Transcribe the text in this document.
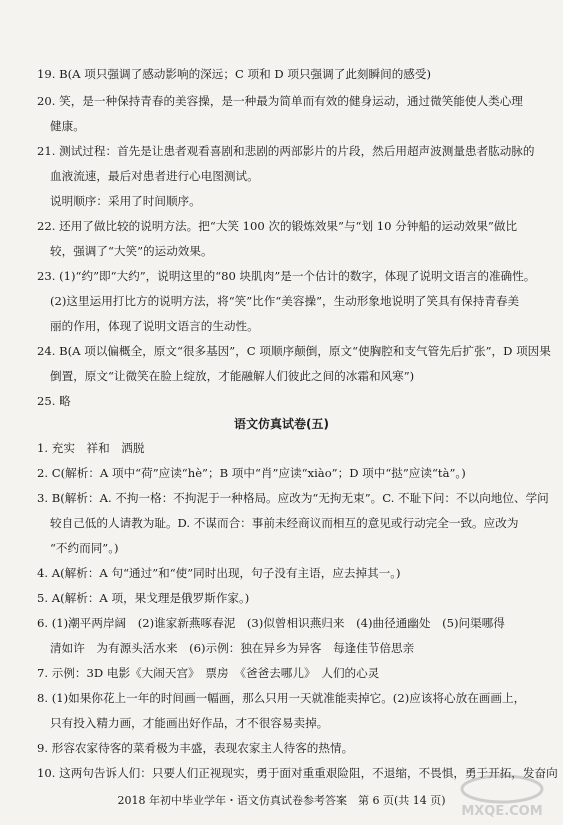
19. B(A 项只强调了感动影响的深远；C 项和 D 项只强调了此刻瞬间的感受)
20. 笑，是一种保持青春的美容操，是一种最为简单而有效的健身运动，通过微笑能使人类心理
健康。
21. 测试过程：首先是让患者观看喜剧和悲剧的两部影片的片段，然后用超声波测量患者肱动脉的
血液流速，最后对患者进行心电图测试。
说明顺序：采用了时间顺序。
22. 还用了做比较的说明方法。把“大笑 100 次的锻炼效果”与“划 10 分钟船的运动效果”做比
较，强调了“大笑”的运动效果。
23. (1)“约”即“大约”，说明这里的“80 块肌肉”是一个估计的数字，体现了说明文语言的准确性。
(2)这里运用打比方的说明方法，将“笑”比作“美容操”，生动形象地说明了笑具有保持青春美
丽的作用，体现了说明文语言的生动性。
24. B(A 项以偏概全，原文“很多基因”，C 项顺序颠倒，原文“使胸腔和支气管先后扩张”，D 项因果
倒置，原文“让微笑在脸上绽放，才能融解人们彼此之间的冰霜和风寒”)
25. 略
语文仿真试卷(五)
1. 充实　祥和　洒脱
2. C(解析：A 项中“荷”应读“hè”；B 项中“肖”应读“xiào”；D 项中“挞”应读“tà”。)
3. B(解析：A. 不拘一格：不拘泥于一种格局。应改为“无拘无束”。C. 不耻下问：不以向地位、学问
较自己低的人请教为耻。D. 不谋而合：事前未经商议而相互的意见或行动完全一致。应改为
“不约而同”。)
4. A(解析：A 句“通过”和“使”同时出现，句子没有主语，应去掉其一。)
5. A(解析：A 项，果戈理是俄罗斯作家。)
6. (1)潮平两岸阔　(2)谁家新燕啄春泥　(3)似曾相识燕归来　(4)曲径通幽处　(5)问渠哪得
清如许　为有源头活水来　(6)示例：独在异乡为异客　每逢佳节倍思亲
7. 示例：3D 电影《大闹天宫》　票房　《爸爸去哪儿》　人们的心灵
8. (1)如果你花上一年的时间画一幅画，那么只用一天就准能卖掉它。(2)应该将心放在画画上，
只有投入精力画，才能画出好作品，才不很容易卖掉。
9. 形容农家待客的菜肴极为丰盛，表现农家主人待客的热情。
10. 这两句告诉人们：只要人们正视现实，勇于面对重重艰险阻，不退缩，不畏惧，勇于开拓，发奋向
2018 年初中毕业学年・语文仿真试卷参考答案　第 6 页(共 14 页)
MXQE.COM
